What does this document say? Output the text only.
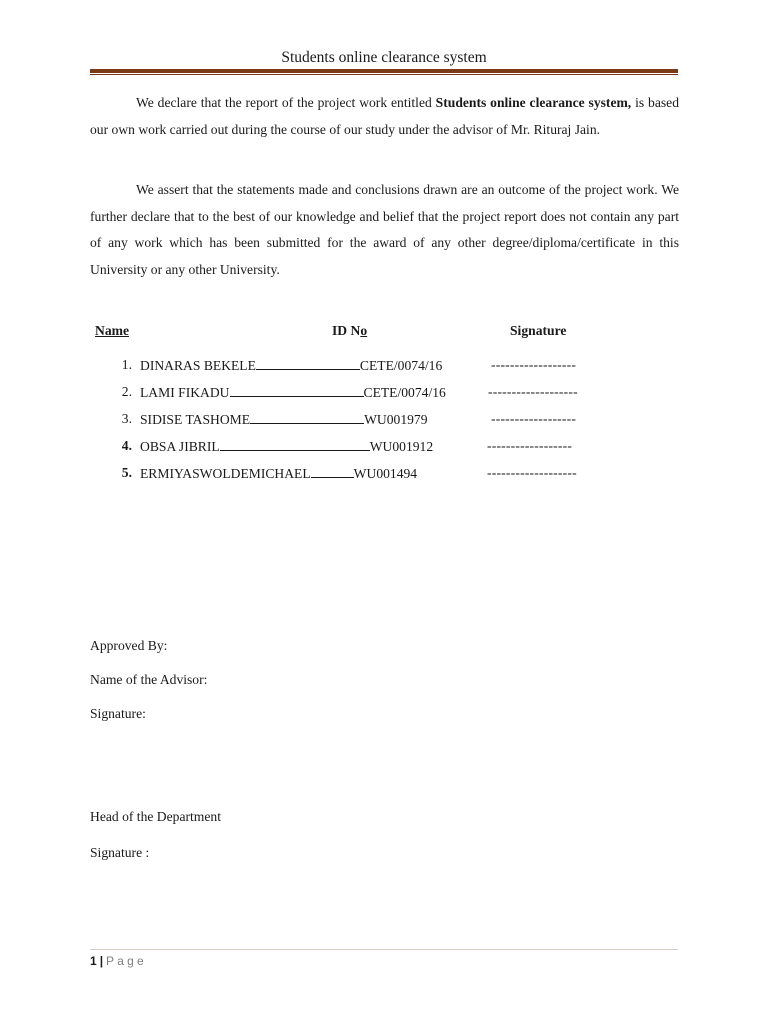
Students online clearance system

We declare that the report of the project work entitled Students online clearance system, is based our own work carried out during the course of our study under the advisor of Mr. Rituraj Jain.

We assert that the statements made and conclusions drawn are an outcome of the project work. We further declare that to the best of our knowledge and belief that the project report does not contain any part of any work which has been submitted for the award of any other degree/diploma/certificate in this University or any other University.

Name	ID No	Signature
1. DINARAS BEKELE	CETE/0074/16	------------------
2. LAMI FIKADU	CETE/0074/16	-------------------
3. SIDISE TASHOME	WU001979	------------------
4. OBSA JIBRIL	WU001912	------------------
5. ERMIYASWOLDEMICHAEL	WU001494	-------------------
Approved By:
Name of the Advisor:
Signature:
Head of the Department
Signature :
1 | Page
